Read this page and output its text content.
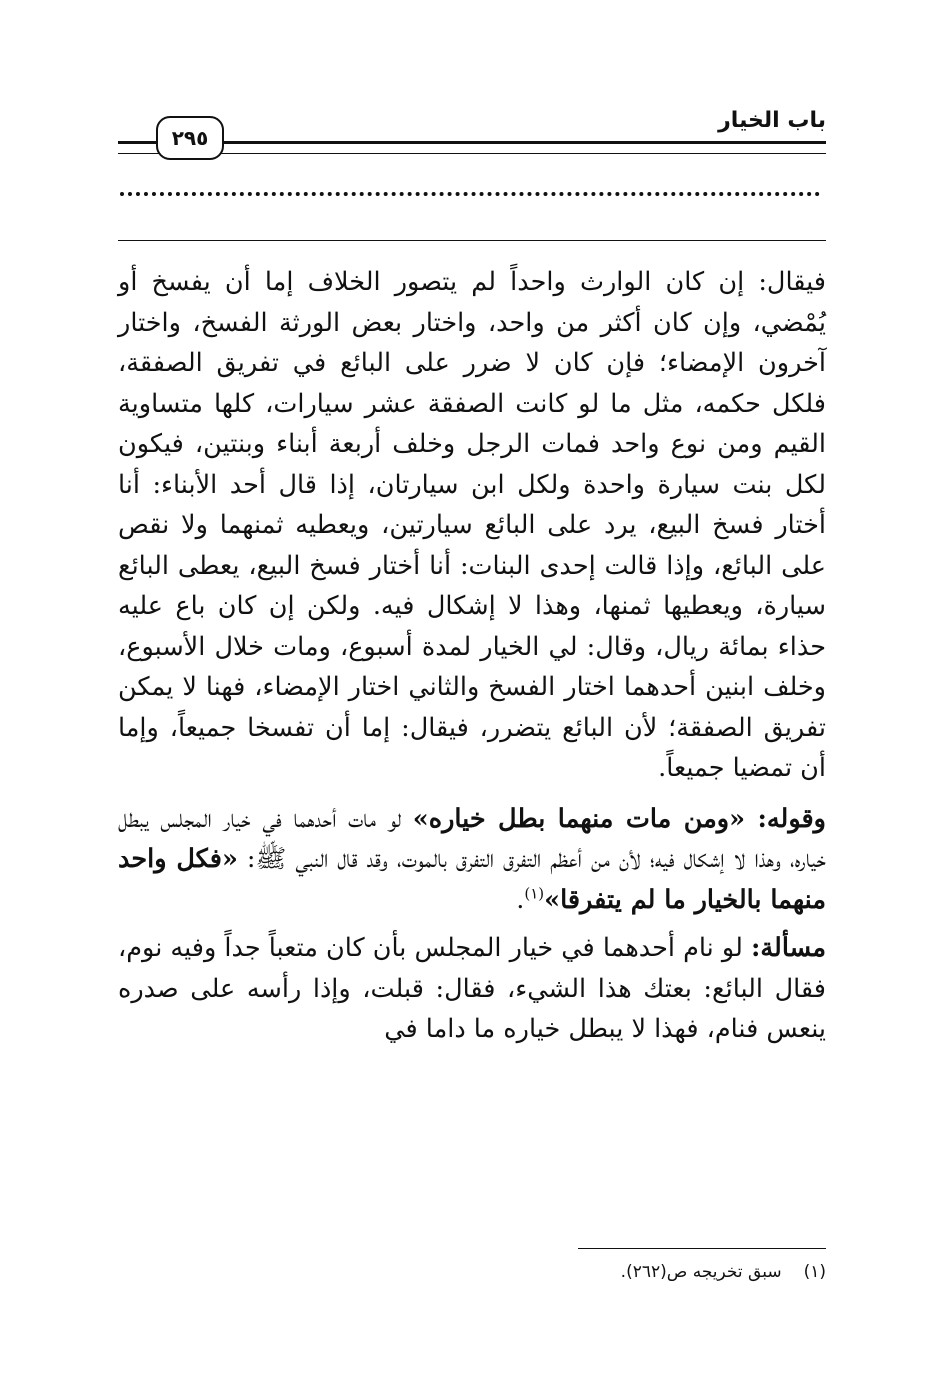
باب الخيار
٢٩٥

فيقال: إن كان الوارث واحداً لم يتصور الخلاف إما أن يفسخ أو يُمْضي، وإن كان أكثر من واحد، واختار بعض الورثة الفسخ، واختار آخرون الإمضاء؛ فإن كان لا ضرر على البائع في تفريق الصفقة، فلكل حكمه، مثل ما لو كانت الصفقة عشر سيارات، كلها متساوية القيم ومن نوع واحد فمات الرجل وخلف أربعة أبناء وبنتين، فيكون لكل بنت سيارة واحدة ولكل ابن سيارتان، إذا قال أحد الأبناء: أنا أختار فسخ البيع، يرد على البائع سيارتين، ويعطيه ثمنهما ولا نقص على البائع، وإذا قالت إحدى البنات: أنا أختار فسخ البيع، يعطى البائع سيارة، ويعطيها ثمنها، وهذا لا إشكال فيه. ولكن إن كان باع عليه حذاء بمائة ريال، وقال: لي الخيار لمدة أسبوع، ومات خلال الأسبوع، وخلف ابنين أحدهما اختار الفسخ والثاني اختار الإمضاء، فهنا لا يمكن تفريق الصفقة؛ لأن البائع يتضرر، فيقال: إما أن تفسخا جميعاً، وإما أن تمضيا جميعاً.

وقوله: «ومن مات منهما بطل خياره» لو مات أحدهما في خيار المجلس يبطل خياره، وهذا لا إشكال فيه؛ لأن من أعظم التفرق التفرق بالموت، وقد قال النبي ﷺ: «فكل واحد منهما بالخيار ما لم يتفرقا»$^{(١)}$.

مسألة: لو نام أحدهما في خيار المجلس بأن كان متعباً جداً وفيه نوم، فقال البائع: بعتك هذا الشيء، فقال: قبلت، وإذا رأسه على صدره ينعس فنام، فهذا لا يبطل خياره ما داما في

(١)سبق تخريجه ص(٢٦٢).
